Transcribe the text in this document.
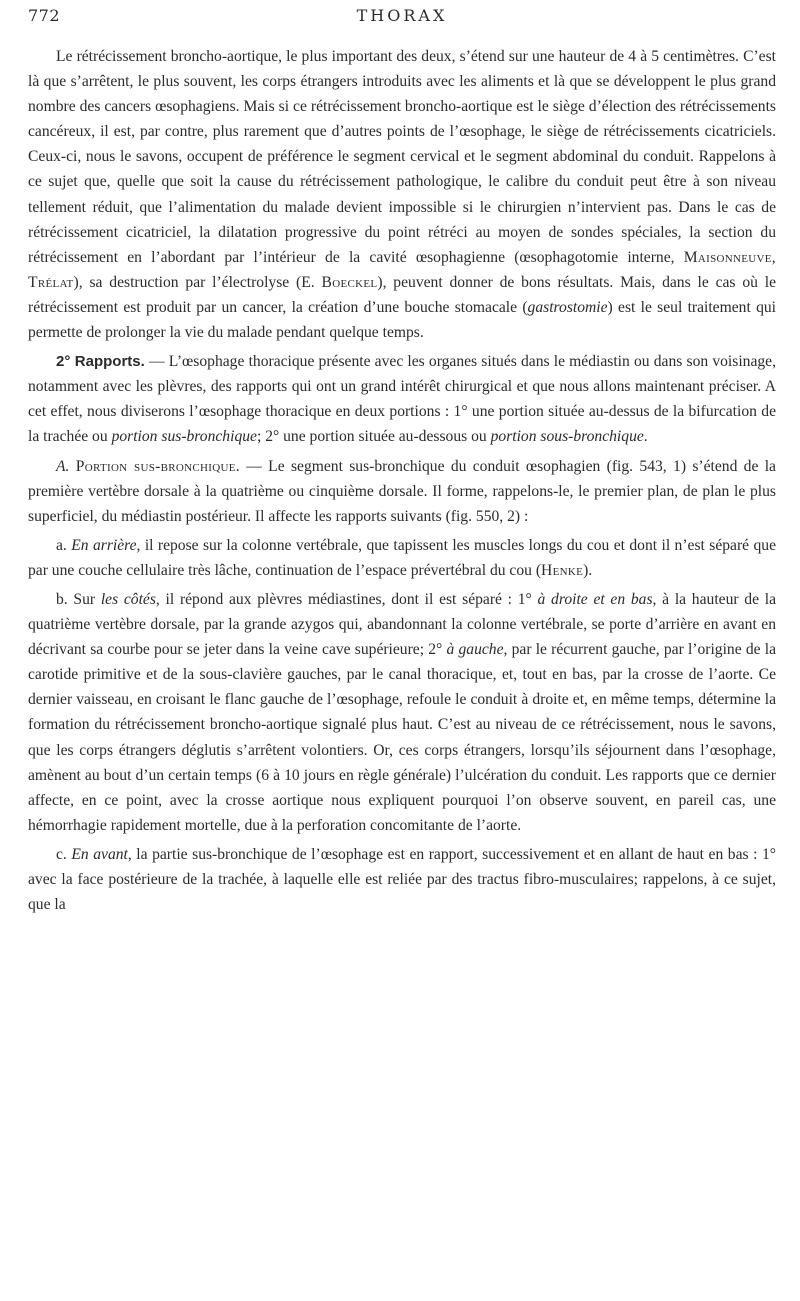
772	THORAX

Le rétrécissement broncho-aortique, le plus important des deux, s’étend sur une hauteur de 4 à 5 centimètres. C’est là que s’arrêtent, le plus souvent, les corps étrangers introduits avec les aliments et là que se développent le plus grand nombre des cancers œsophagiens. Mais si ce rétrécissement broncho-aortique est le siège d’élection des rétrécissements cancéreux, il est, par contre, plus rarement que d’autres points de l’œsophage, le siège de rétrécissements cicatriciels. Ceux-ci, nous le savons, occupent de préférence le segment cervical et le segment abdominal du conduit. Rappelons à ce sujet que, quelle que soit la cause du rétrécissement pathologique, le calibre du conduit peut être à son niveau tellement réduit, que l’alimentation du malade devient impossible si le chirurgien n’intervient pas. Dans le cas de rétrécissement cicatriciel, la dilatation progressive du point rétréci au moyen de sondes spéciales, la section du rétrécissement en l’abordant par l’intérieur de la cavité œsophagienne (œsophagotomie interne, Maisonneuve, Trélat), sa destruction par l’électrolyse (E. Boeckel), peuvent donner de bons résultats. Mais, dans le cas où le rétrécissement est produit par un cancer, la création d’une bouche stomacale (gastrostomie) est le seul traitement qui permette de prolonger la vie du malade pendant quelque temps.

2° Rapports. — L’œsophage thoracique présente avec les organes situés dans le médiastin ou dans son voisinage, notamment avec les plèvres, des rapports qui ont un grand intérêt chirurgical et que nous allons maintenant préciser. A cet effet, nous diviserons l’œsophage thoracique en deux portions : 1° une portion située au-dessus de la bifurcation de la trachée ou portion sus-bronchique; 2° une portion située au-dessous ou portion sous-bronchique.

A. Portion sus-bronchique. — Le segment sus-bronchique du conduit œsophagien (fig. 543, 1) s’étend de la première vertèbre dorsale à la quatrième ou cinquième dorsale. Il forme, rappelons-le, le premier plan, de plan le plus superficiel, du médiastin postérieur. Il affecte les rapports suivants (fig. 550, 2) :

a. En arrière, il repose sur la colonne vertébrale, que tapissent les muscles longs du cou et dont il n’est séparé que par une couche cellulaire très lâche, continuation de l’espace prévertébral du cou (Henke).

b. Sur les côtés, il répond aux plèvres médiastines, dont il est séparé : 1° à droite et en bas, à la hauteur de la quatrième vertèbre dorsale, par la grande azygos qui, abandonnant la colonne vertébrale, se porte d’arrière en avant en décrivant sa courbe pour se jeter dans la veine cave supérieure; 2° à gauche, par le récurrent gauche, par l’origine de la carotide primitive et de la sous-clavière gauches, par le canal thoracique, et, tout en bas, par la crosse de l’aorte. Ce dernier vaisseau, en croisant le flanc gauche de l’œsophage, refoule le conduit à droite et, en même temps, détermine la formation du rétrécissement broncho-aortique signalé plus haut. C’est au niveau de ce rétrécissement, nous le savons, que les corps étrangers déglutis s’arrêtent volontiers. Or, ces corps étrangers, lorsqu’ils séjournent dans l’œsophage, amènent au bout d’un certain temps (6 à 10 jours en règle générale) l’ulcération du conduit. Les rapports que ce dernier affecte, en ce point, avec la crosse aortique nous expliquent pourquoi l’on observe souvent, en pareil cas, une hémorrhagie rapidement mortelle, due à la perforation concomitante de l’aorte.

c. En avant, la partie sus-bronchique de l’œsophage est en rapport, successivement et en allant de haut en bas : 1° avec la face postérieure de la trachée, à laquelle elle est reliée par des tractus fibro-musculaires; rappelons, à ce sujet, que la
